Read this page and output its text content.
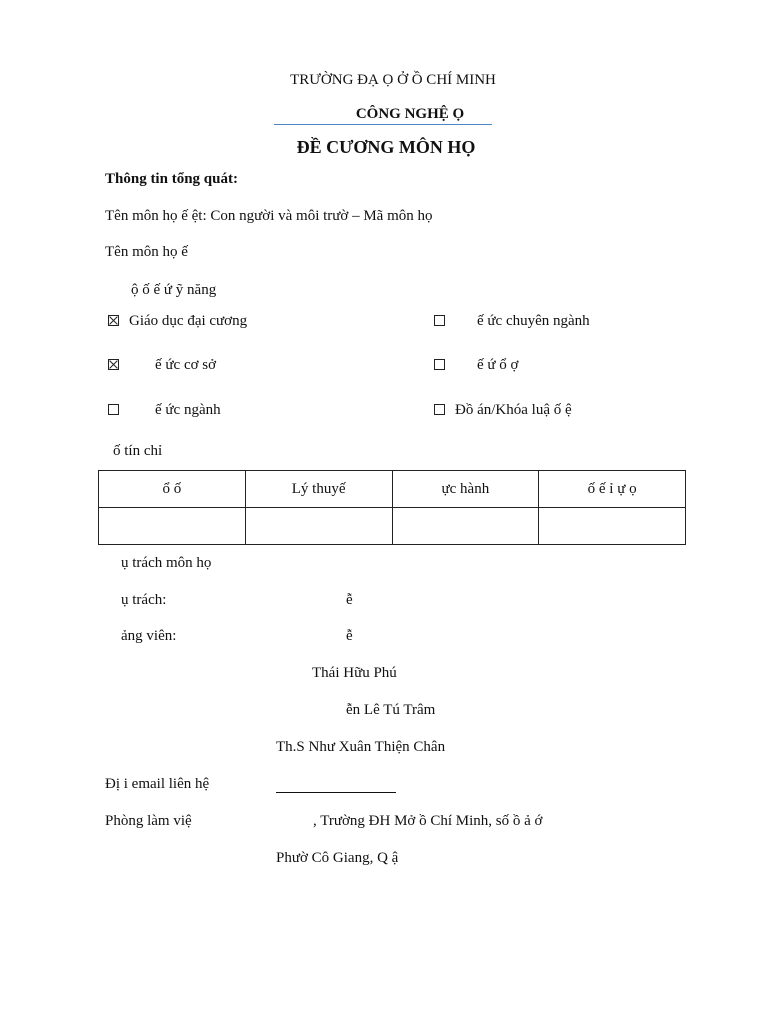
TRƯỜNG ĐẠ Ọ Ở Ồ CHÍ MINH
CÔNG NGHỆ Ọ
ĐỀ CƯƠNG MÔN HỌ
Thông tin tổng quát:
Tên môn họ ế ệt: Con người và môi trườ – Mã môn họ
Tên môn họ ế
ộ ố ế ứ ỹ năng
Giáo dục đại cương	ế ức chuyên ngành
ế ức cơ sở	ế ứ ổ ợ
ế ức ngành	Đồ án/Khóa luậ ố ệ
ố tín chỉ
ổ ố	Lý thuyế	ực hành	ố ế ỉ ự ọ

ụ trách môn họ
ụ trách:	ễ
ảng viên:	ễ
Thái Hữu Phú
ễn Lê Tú Trâm
Th.S Như Xuân Thiện Chân
Đị i email liên hệ
Phòng làm việ	, Trường ĐH Mở ồ Chí Minh, số ồ ả ớ
Phườ Cô Giang, Q ậ
